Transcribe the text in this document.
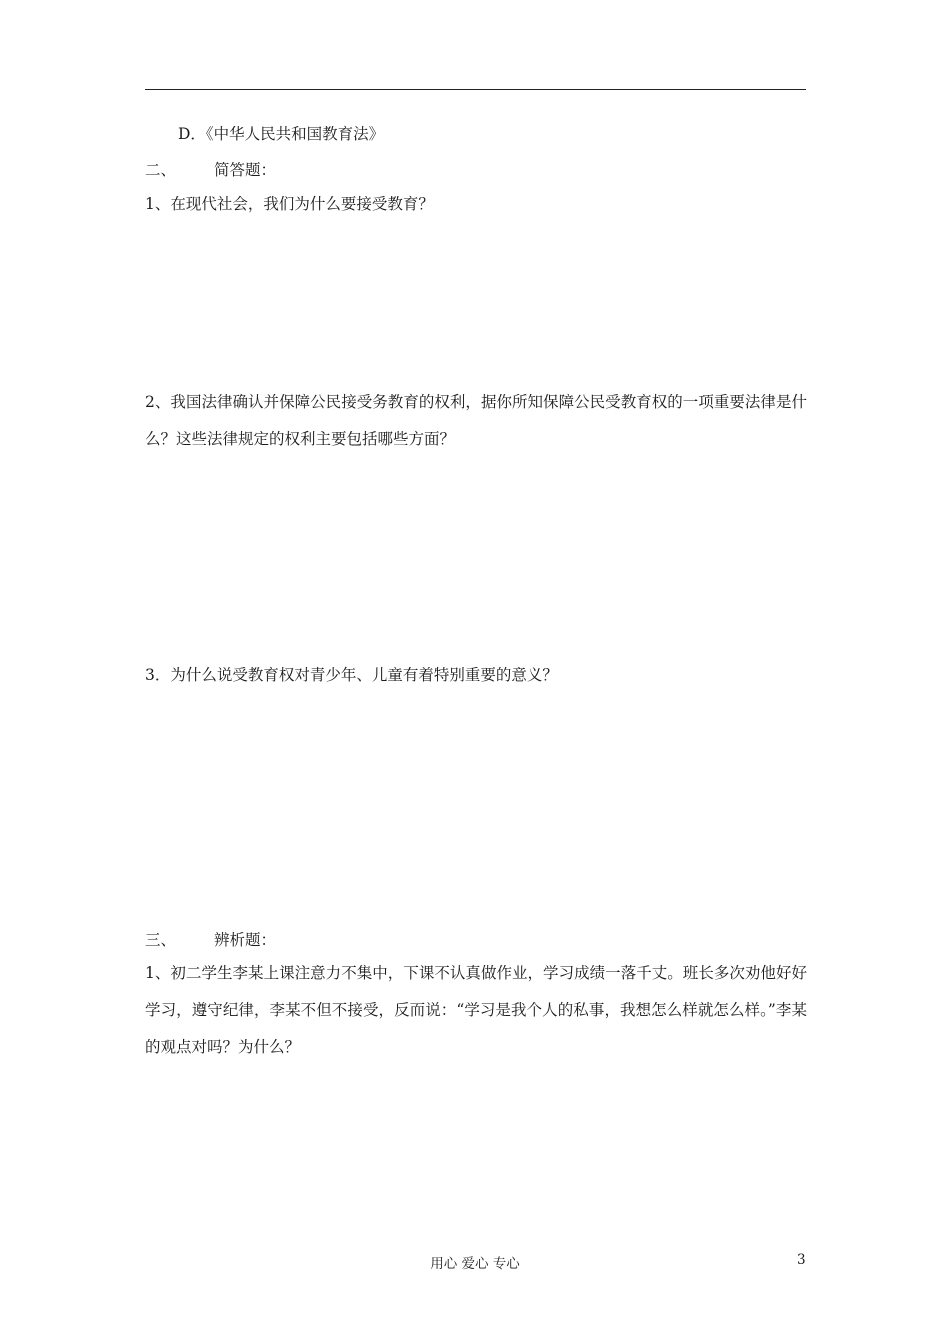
D．《中华人民共和国教育法》
二、 简答题：
1、在现代社会，我们为什么要接受教育？
2、我国法律确认并保障公民接受务教育的权利，据你所知保障公民受教育权的一项重要法律是什么？这些法律规定的权利主要包括哪些方面？
3．为什么说受教育权对青少年、儿童有着特别重要的意义？
三、 辨析题：
1、初二学生李某上课注意力不集中，下课不认真做作业，学习成绩一落千丈。班长多次劝他好好学习，遵守纪律，李某不但不接受，反而说：“学习是我个人的私事，我想怎么样就怎么样。”李某的观点对吗？为什么？
用心 爱心 专心	3
